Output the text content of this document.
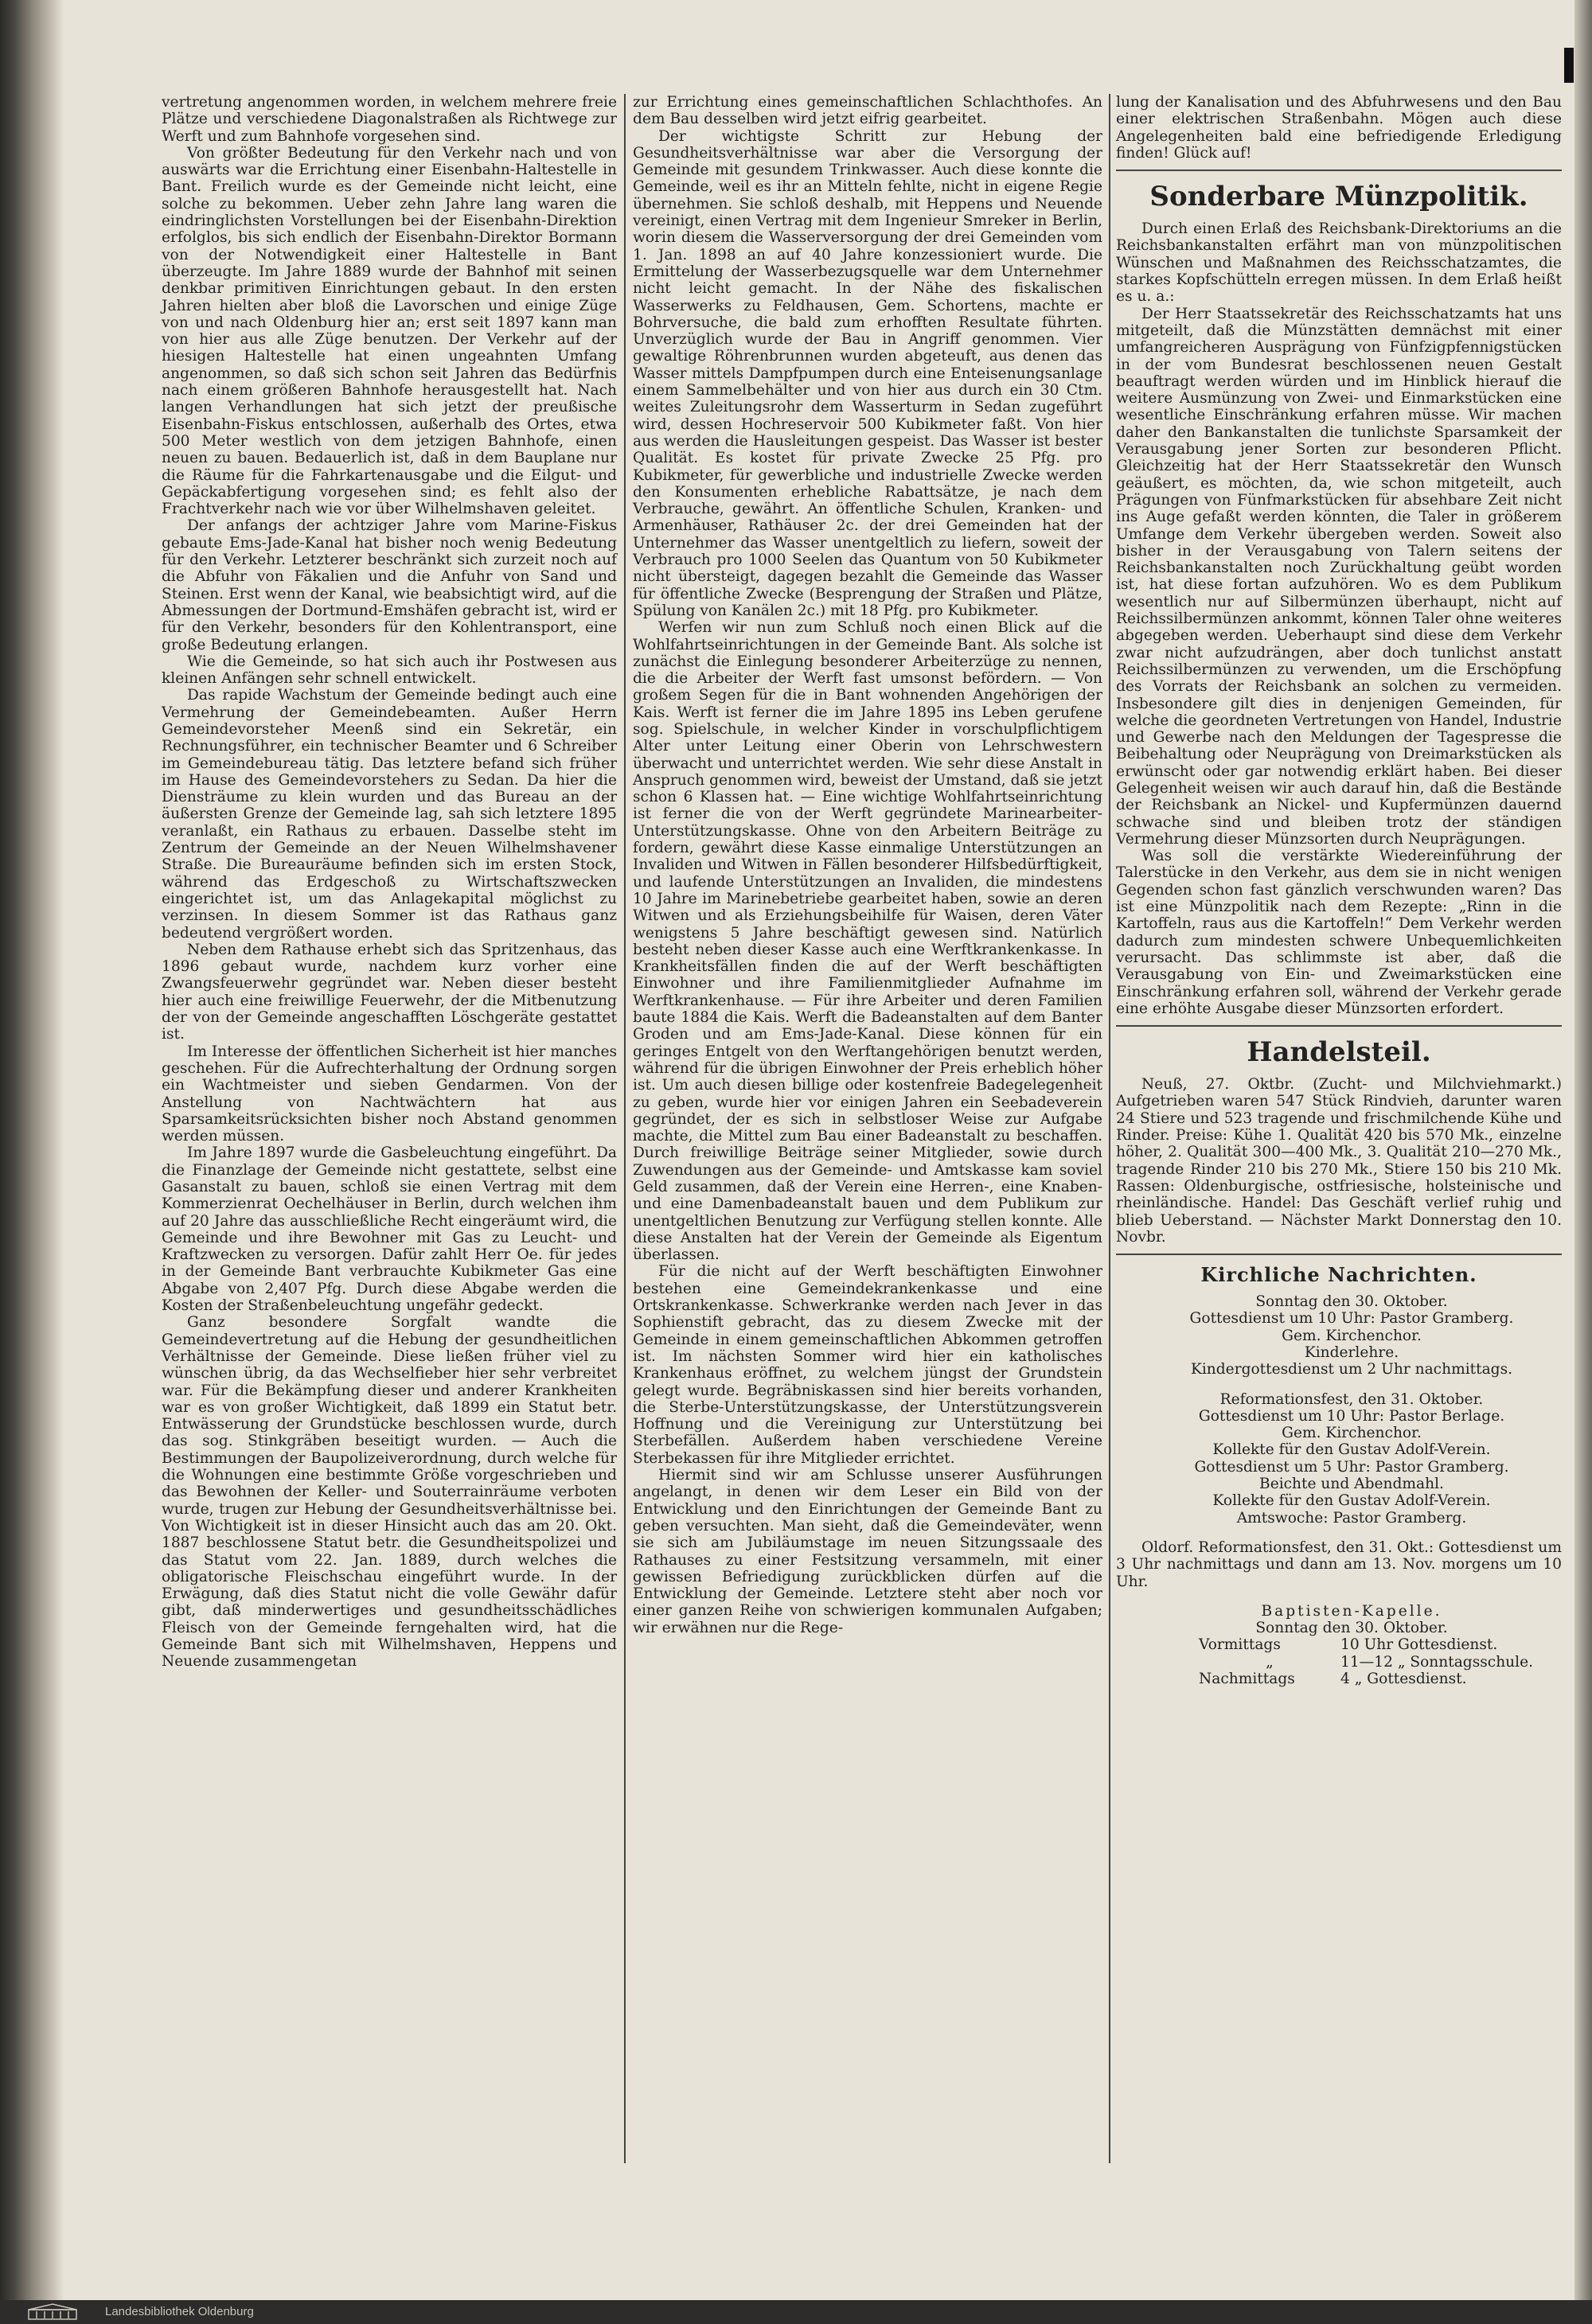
vertretung angenommen worden, in welchem mehrere freie Plätze und verschiedene Diagonalstraßen als Richtwege zur Werft und zum Bahnhofe vorgesehen sind.

Von größter Bedeutung für den Verkehr nach und von auswärts war die Errichtung einer Eisenbahn-Haltestelle in Bant. Freilich wurde es der Gemeinde nicht leicht, eine solche zu bekommen. Ueber zehn Jahre lang waren die eindringlichsten Vorstellungen bei der Eisenbahn-Direktion erfolglos, bis sich endlich der Eisenbahn-Direktor Bormann von der Notwendigkeit einer Haltestelle in Bant überzeugte. Im Jahre 1889 wurde der Bahnhof mit seinen denkbar primitiven Einrichtungen gebaut. In den ersten Jahren hielten aber bloß die Lavorschen und einige Züge von und nach Oldenburg hier an; erst seit 1897 kann man von hier aus alle Züge benutzen. Der Verkehr auf der hiesigen Haltestelle hat einen ungeahnten Umfang angenommen, so daß sich schon seit Jahren das Bedürfnis nach einem größeren Bahnhofe herausgestellt hat. Nach langen Verhandlungen hat sich jetzt der preußische Eisenbahn-Fiskus entschlossen, außerhalb des Ortes, etwa 500 Meter westlich von dem jetzigen Bahnhofe, einen neuen zu bauen. Bedauerlich ist, daß in dem Bauplane nur die Räume für die Fahrkartenausgabe und die Eilgut- und Gepäckabfertigung vorgesehen sind; es fehlt also der Frachtverkehr nach wie vor über Wilhelmshaven geleitet.

Der anfangs der achtziger Jahre vom Marine-Fiskus gebaute Ems-Jade-Kanal hat bisher noch wenig Bedeutung für den Verkehr. Letzterer beschränkt sich zurzeit noch auf die Abfuhr von Fäkalien und die Anfuhr von Sand und Steinen. Erst wenn der Kanal, wie beabsichtigt wird, auf die Abmessungen der Dortmund-Emshäfen gebracht ist, wird er für den Verkehr, besonders für den Kohlentransport, eine große Bedeutung erlangen.

Wie die Gemeinde, so hat sich auch ihr Postwesen aus kleinen Anfängen sehr schnell entwickelt.

Das rapide Wachstum der Gemeinde bedingt auch eine Vermehrung der Gemeindebeamten. Außer Herrn Gemeindevorsteher Meenß sind ein Sekretär, ein Rechnungsführer, ein technischer Beamter und 6 Schreiber im Gemeindebureau tätig. Das letztere befand sich früher im Hause des Gemeindevorstehers zu Sedan. Da hier die Diensträume zu klein wurden und das Bureau an der äußersten Grenze der Gemeinde lag, sah sich letztere 1895 veranlaßt, ein Rathaus zu erbauen. Dasselbe steht im Zentrum der Gemeinde an der Neuen Wilhelmshavener Straße. Die Bureauräume befinden sich im ersten Stock, während das Erdgeschoß zu Wirtschaftszwecken eingerichtet ist, um das Anlagekapital möglichst zu verzinsen. In diesem Sommer ist das Rathaus ganz bedeutend vergrößert worden.

Neben dem Rathause erhebt sich das Spritzenhaus, das 1896 gebaut wurde, nachdem kurz vorher eine Zwangsfeuerwehr gegründet war. Neben dieser besteht hier auch eine freiwillige Feuerwehr, der die Mitbenutzung der von der Gemeinde angeschafften Löschgeräte gestattet ist.

Im Interesse der öffentlichen Sicherheit ist hier manches geschehen. Für die Aufrechterhaltung der Ordnung sorgen ein Wachtmeister und sieben Gendarmen. Von der Anstellung von Nachtwächtern hat aus Sparsamkeitsrücksichten bisher noch Abstand genommen werden müssen.

Im Jahre 1897 wurde die Gasbeleuchtung eingeführt. Da die Finanzlage der Gemeinde nicht gestattete, selbst eine Gasanstalt zu bauen, schloß sie einen Vertrag mit dem Kommerzienrat Oechelhäuser in Berlin, durch welchen ihm auf 20 Jahre das ausschließliche Recht eingeräumt wird, die Gemeinde und ihre Bewohner mit Gas zu Leucht- und Kraftzwecken zu versorgen. Dafür zahlt Herr Oe. für jedes in der Gemeinde Bant verbrauchte Kubikmeter Gas eine Abgabe von 2,407 Pfg. Durch diese Abgabe werden die Kosten der Straßenbeleuchtung ungefähr gedeckt.

Ganz besondere Sorgfalt wandte die Gemeindevertretung auf die Hebung der gesundheitlichen Verhältnisse der Gemeinde. Diese ließen früher viel zu wünschen übrig, da das Wechselfieber hier sehr verbreitet war. Für die Bekämpfung dieser und anderer Krankheiten war es von großer Wichtigkeit, daß 1899 ein Statut betr. Entwässerung der Grundstücke beschlossen wurde, durch das sog. Stinkgräben beseitigt wurden. — Auch die Bestimmungen der Baupolizeiverordnung, durch welche für die Wohnungen eine bestimmte Größe vorgeschrieben und das Bewohnen der Keller- und Souterrainräume verboten wurde, trugen zur Hebung der Gesundheitsverhältnisse bei. Von Wichtigkeit ist in dieser Hinsicht auch das am 20. Okt. 1887 beschlossene Statut betr. die Gesundheitspolizei und das Statut vom 22. Jan. 1889, durch welches die obligatorische Fleischschau eingeführt wurde. In der Erwägung, daß dies Statut nicht die volle Gewähr dafür gibt, daß minderwertiges und gesundheitsschädliches Fleisch von der Gemeinde ferngehalten wird, hat die Gemeinde Bant sich mit Wilhelmshaven, Heppens und Neuende zusammengetan

zur Errichtung eines gemeinschaftlichen Schlachthofes. An dem Bau desselben wird jetzt eifrig gearbeitet.

Der wichtigste Schritt zur Hebung der Gesundheitsverhältnisse war aber die Versorgung der Gemeinde mit gesundem Trinkwasser. Auch diese konnte die Gemeinde, weil es ihr an Mitteln fehlte, nicht in eigene Regie übernehmen. Sie schloß deshalb, mit Heppens und Neuende vereinigt, einen Vertrag mit dem Ingenieur Smreker in Berlin, worin diesem die Wasserversorgung der drei Gemeinden vom 1. Jan. 1898 an auf 40 Jahre konzessioniert wurde. Die Ermittelung der Wasserbezugsquelle war dem Unternehmer nicht leicht gemacht. In der Nähe des fiskalischen Wasserwerks zu Feldhausen, Gem. Schortens, machte er Bohrversuche, die bald zum erhofften Resultate führten. Unverzüglich wurde der Bau in Angriff genommen. Vier gewaltige Röhrenbrunnen wurden abgeteuft, aus denen das Wasser mittels Dampfpumpen durch eine Enteisenungsanlage einem Sammelbehälter und von hier aus durch ein 30 Ctm. weites Zuleitungsrohr dem Wasserturm in Sedan zugeführt wird, dessen Hochreservoir 500 Kubikmeter faßt. Von hier aus werden die Hausleitungen gespeist. Das Wasser ist bester Qualität. Es kostet für private Zwecke 25 Pfg. pro Kubikmeter, für gewerbliche und industrielle Zwecke werden den Konsumenten erhebliche Rabattsätze, je nach dem Verbrauche, gewährt. An öffentliche Schulen, Kranken- und Armenhäuser, Rathäuser 2c. der drei Gemeinden hat der Unternehmer das Wasser unentgeltlich zu liefern, soweit der Verbrauch pro 1000 Seelen das Quantum von 50 Kubikmeter nicht übersteigt, dagegen bezahlt die Gemeinde das Wasser für öffentliche Zwecke (Besprengung der Straßen und Plätze, Spülung von Kanälen 2c.) mit 18 Pfg. pro Kubikmeter.

Werfen wir nun zum Schluß noch einen Blick auf die Wohlfahrtseinrichtungen in der Gemeinde Bant. Als solche ist zunächst die Einlegung besonderer Arbeiterzüge zu nennen, die die Arbeiter der Werft fast umsonst befördern. — Von großem Segen für die in Bant wohnenden Angehörigen der Kais. Werft ist ferner die im Jahre 1895 ins Leben gerufene sog. Spielschule, in welcher Kinder in vorschulpflichtigem Alter unter Leitung einer Oberin von Lehrschwestern überwacht und unterrichtet werden. Wie sehr diese Anstalt in Anspruch genommen wird, beweist der Umstand, daß sie jetzt schon 6 Klassen hat. — Eine wichtige Wohlfahrtseinrichtung ist ferner die von der Werft gegründete Marinearbeiter-Unterstützungskasse. Ohne von den Arbeitern Beiträge zu fordern, gewährt diese Kasse einmalige Unterstützungen an Invaliden und Witwen in Fällen besonderer Hilfsbedürftigkeit, und laufende Unterstützungen an Invaliden, die mindestens 10 Jahre im Marinebetriebe gearbeitet haben, sowie an deren Witwen und als Erziehungsbeihilfe für Waisen, deren Väter wenigstens 5 Jahre beschäftigt gewesen sind. Natürlich besteht neben dieser Kasse auch eine Werftkrankenkasse. In Krankheitsfällen finden die auf der Werft beschäftigten Einwohner und ihre Familienmitglieder Aufnahme im Werftkrankenhause. — Für ihre Arbeiter und deren Familien baute 1884 die Kais. Werft die Badeanstalten auf dem Banter Groden und am Ems-Jade-Kanal. Diese können für ein geringes Entgelt von den Werftangehörigen benutzt werden, während für die übrigen Einwohner der Preis erheblich höher ist. Um auch diesen billige oder kostenfreie Badegelegenheit zu geben, wurde hier vor einigen Jahren ein Seebadeverein gegründet, der es sich in selbstloser Weise zur Aufgabe machte, die Mittel zum Bau einer Badeanstalt zu beschaffen. Durch freiwillige Beiträge seiner Mitglieder, sowie durch Zuwendungen aus der Gemeinde- und Amtskasse kam soviel Geld zusammen, daß der Verein eine Herren-, eine Knaben- und eine Damenbadeanstalt bauen und dem Publikum zur unentgeltlichen Benutzung zur Verfügung stellen konnte. Alle diese Anstalten hat der Verein der Gemeinde als Eigentum überlassen.

Für die nicht auf der Werft beschäftigten Einwohner bestehen eine Gemeindekrankenkasse und eine Ortskrankenkasse. Schwerkranke werden nach Jever in das Sophienstift gebracht, das zu diesem Zwecke mit der Gemeinde in einem gemeinschaftlichen Abkommen getroffen ist. Im nächsten Sommer wird hier ein katholisches Krankenhaus eröffnet, zu welchem jüngst der Grundstein gelegt wurde. Begräbniskassen sind hier bereits vorhanden, die Sterbe-Unterstützungskasse, der Unterstützungsverein Hoffnung und die Vereinigung zur Unterstützung bei Sterbefällen. Außerdem haben verschiedene Vereine Sterbekassen für ihre Mitglieder errichtet.

Hiermit sind wir am Schlusse unserer Ausführungen angelangt, in denen wir dem Leser ein Bild von der Entwicklung und den Einrichtungen der Gemeinde Bant zu geben versuchten. Man sieht, daß die Gemeindeväter, wenn sie sich am Jubiläumstage im neuen Sitzungssaale des Rathauses zu einer Festsitzung versammeln, mit einer gewissen Befriedigung zurückblicken dürfen auf die Entwicklung der Gemeinde. Letztere steht aber noch vor einer ganzen Reihe von schwierigen kommunalen Aufgaben; wir erwähnen nur die Rege-

lung der Kanalisation und des Abfuhrwesens und den Bau einer elektrischen Straßenbahn. Mögen auch diese Angelegenheiten bald eine befriedigende Erledigung finden! Glück auf!

Sonderbare Münzpolitik.

Durch einen Erlaß des Reichsbank-Direktoriums an die Reichsbankanstalten erfährt man von münzpolitischen Wünschen und Maßnahmen des Reichsschatzamtes, die starkes Kopfschütteln erregen müssen. In dem Erlaß heißt es u. a.:

Der Herr Staatssekretär des Reichsschatzamts hat uns mitgeteilt, daß die Münzstätten demnächst mit einer umfangreicheren Ausprägung von Fünfzigpfennigstücken in der vom Bundesrat beschlossenen neuen Gestalt beauftragt werden würden und im Hinblick hierauf die weitere Ausmünzung von Zwei- und Einmarkstücken eine wesentliche Einschränkung erfahren müsse. Wir machen daher den Bankanstalten die tunlichste Sparsamkeit der Verausgabung jener Sorten zur besonderen Pflicht. Gleichzeitig hat der Herr Staatssekretär den Wunsch geäußert, es möchten, da, wie schon mitgeteilt, auch Prägungen von Fünfmarkstücken für absehbare Zeit nicht ins Auge gefaßt werden könnten, die Taler in größerem Umfange dem Verkehr übergeben werden. Soweit also bisher in der Verausgabung von Talern seitens der Reichsbankanstalten noch Zurückhaltung geübt worden ist, hat diese fortan aufzuhören. Wo es dem Publikum wesentlich nur auf Silbermünzen überhaupt, nicht auf Reichssilbermünzen ankommt, können Taler ohne weiteres abgegeben werden. Ueberhaupt sind diese dem Verkehr zwar nicht aufzudrängen, aber doch tunlichst anstatt Reichssilbermünzen zu verwenden, um die Erschöpfung des Vorrats der Reichsbank an solchen zu vermeiden. Insbesondere gilt dies in denjenigen Gemeinden, für welche die geordneten Vertretungen von Handel, Industrie und Gewerbe nach den Meldungen der Tagespresse die Beibehaltung oder Neuprägung von Dreimarkstücken als erwünscht oder gar notwendig erklärt haben. Bei dieser Gelegenheit weisen wir auch darauf hin, daß die Bestände der Reichsbank an Nickel- und Kupfermünzen dauernd schwache sind und bleiben trotz der ständigen Vermehrung dieser Münzsorten durch Neuprägungen.

Was soll die verstärkte Wiedereinführung der Talerstücke in den Verkehr, aus dem sie in nicht wenigen Gegenden schon fast gänzlich verschwunden waren? Das ist eine Münzpolitik nach dem Rezepte: „Rinn in die Kartoffeln, raus aus die Kartoffeln!“ Dem Verkehr werden dadurch zum mindesten schwere Unbequemlichkeiten verursacht. Das schlimmste ist aber, daß die Verausgabung von Ein- und Zweimarkstücken eine Einschränkung erfahren soll, während der Verkehr gerade eine erhöhte Ausgabe dieser Münzsorten erfordert.

Handelsteil.

Neuß, 27. Oktbr. (Zucht- und Milchviehmarkt.) Aufgetrieben waren 547 Stück Rindvieh, darunter waren 24 Stiere und 523 tragende und frischmilchende Kühe und Rinder. Preise: Kühe 1. Qualität 420 bis 570 Mk., einzelne höher, 2. Qualität 300—400 Mk., 3. Qualität 210—270 Mk., tragende Rinder 210 bis 270 Mk., Stiere 150 bis 210 Mk. Rassen: Oldenburgische, ostfriesische, holsteinische und rheinländische. Handel: Das Geschäft verlief ruhig und blieb Ueberstand. — Nächster Markt Donnerstag den 10. Novbr.

Kirchliche Nachrichten.

Sonntag den 30. Oktober.

Gottesdienst um 10 Uhr: Pastor Gramberg.

Gem. Kirchenchor.

Kinderlehre.

Kindergottesdienst um 2 Uhr nachmittags.

Reformationsfest, den 31. Oktober.

Gottesdienst um 10 Uhr: Pastor Berlage.

Gem. Kirchenchor.

Kollekte für den Gustav Adolf-Verein.

Gottesdienst um 5 Uhr: Pastor Gramberg.

Beichte und Abendmahl.

Kollekte für den Gustav Adolf-Verein.

Amtswoche: Pastor Gramberg.

Oldorf. Reformationsfest, den 31. Okt.: Gottesdienst um 3 Uhr nachmittags und dann am 13. Nov. morgens um 10 Uhr.

Baptisten-Kapelle.

Sonntag den 30. Oktober.

Vormittags	10 Uhr Gottesdienst.

„	11—12 „ Sonntagsschule.

Nachmittags	4 „ Gottesdienst.

Landesbibliothek Oldenburg
